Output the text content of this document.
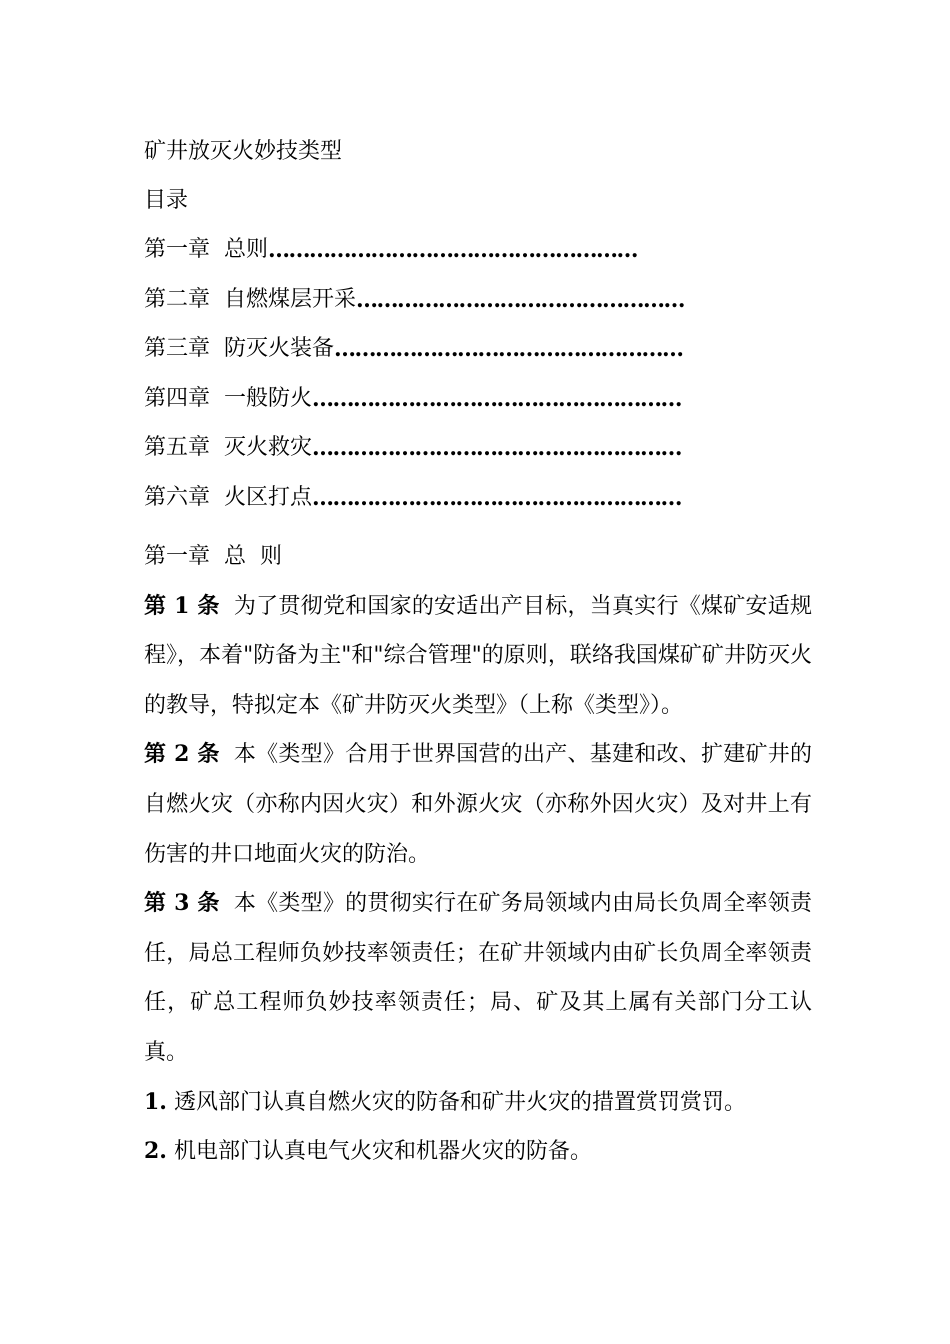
矿井放灭火妙技类型
目录
第一章 总则 ………………………………………………
第二章 自燃煤层开采 …………………………………………
第三章 防灭火装备 ……………………………………………
第四章 一般防火 ………………………………………………
第五章 灭火救灾 ………………………………………………
第六章 火区打点 ………………………………………………
第一章 总 则

第 1 条 为了贯彻党和国家的安适出产目标，当真实行《煤矿安适规程》，本着"防备为主"和"综合管理"的原则，联络我国煤矿矿井防灭火的教导，特拟定本《矿井防灭火类型》（上称《类型》）。

第 2 条 本《类型》合用于世界国营的出产、基建和改、扩建矿井的自燃火灾（亦称内因火灾）和外源火灾（亦称外因火灾）及对井上有伤害的井口地面火灾的防治。

第 3 条 本《类型》的贯彻实行在矿务局领域内由局长负周全率领责任，局总工程师负妙技率领责任；在矿井领域内由矿长负周全率领责任，矿总工程师负妙技率领责任；局、矿及其上属有关部门分工认真。

1. 透风部门认真自燃火灾的防备和矿井火灾的措置赏罚赏罚。

2. 机电部门认真电气火灾和机器火灾的防备。
